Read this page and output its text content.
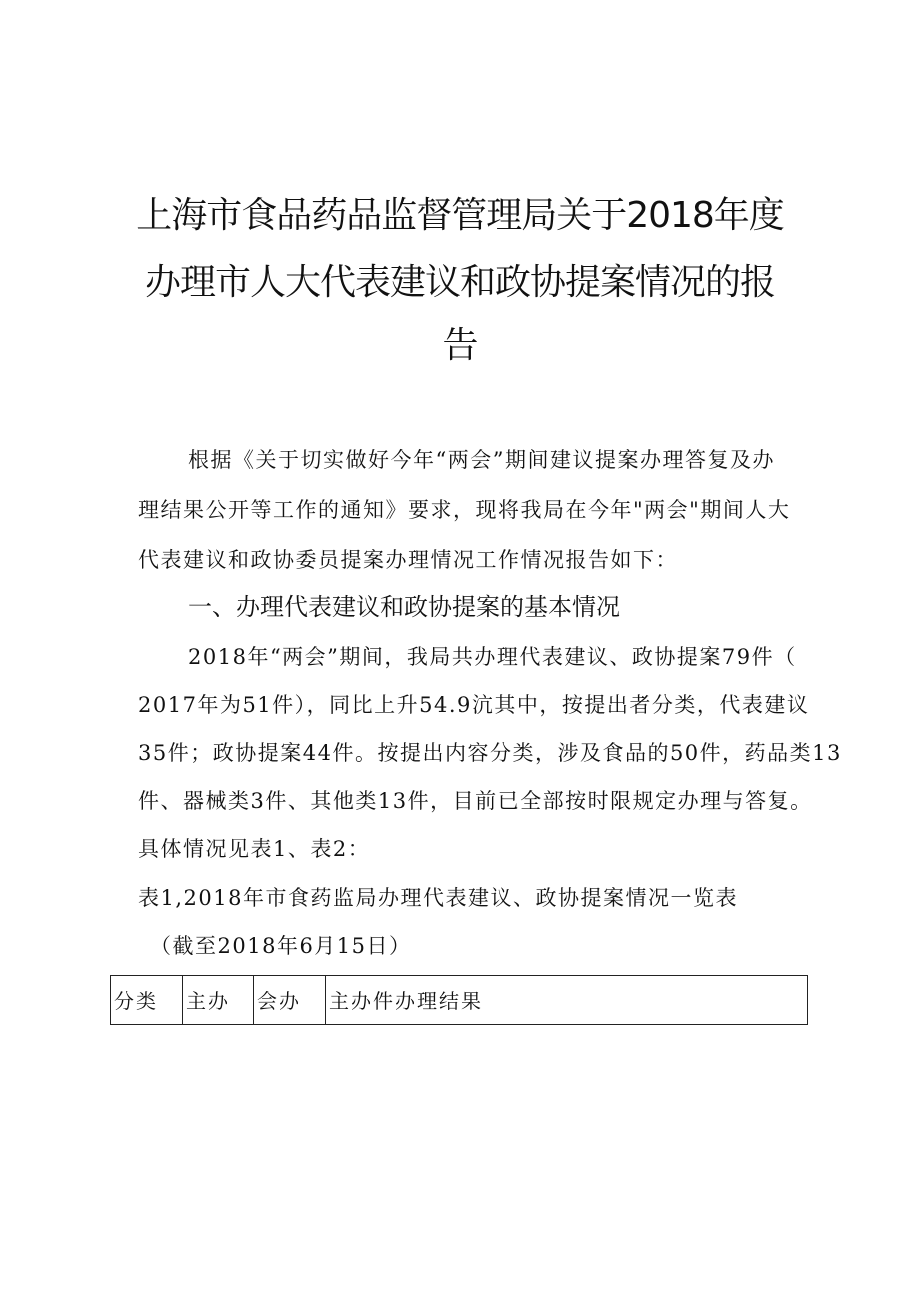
上海市食品药品监督管理局关于2018年度
办理市人大代表建议和政协提案情况的报
告
根据《关于切实做好今年“两会”期间建议提案办理答复及办
理结果公开等工作的通知》要求，现将我局在今年"两会"期间人大
代表建议和政协委员提案办理情况工作情况报告如下：
一、办理代表建议和政协提案的基本情况
2018年“两会”期间，我局共办理代表建议、政协提案79件（
2017年为51件），同比上升54.9沆其中，按提出者分类，代表建议
35件；政协提案44件。按提出内容分类，涉及食品的50件，药品类13
件、器械类3件、其他类13件，目前已全部按时限规定办理与答复。
具体情况见表1、表2：
表1,2018年市食药监局办理代表建议、政协提案情况一览表
（截至2018年6月15日）
分类	主办	会办	主办件办理结果
